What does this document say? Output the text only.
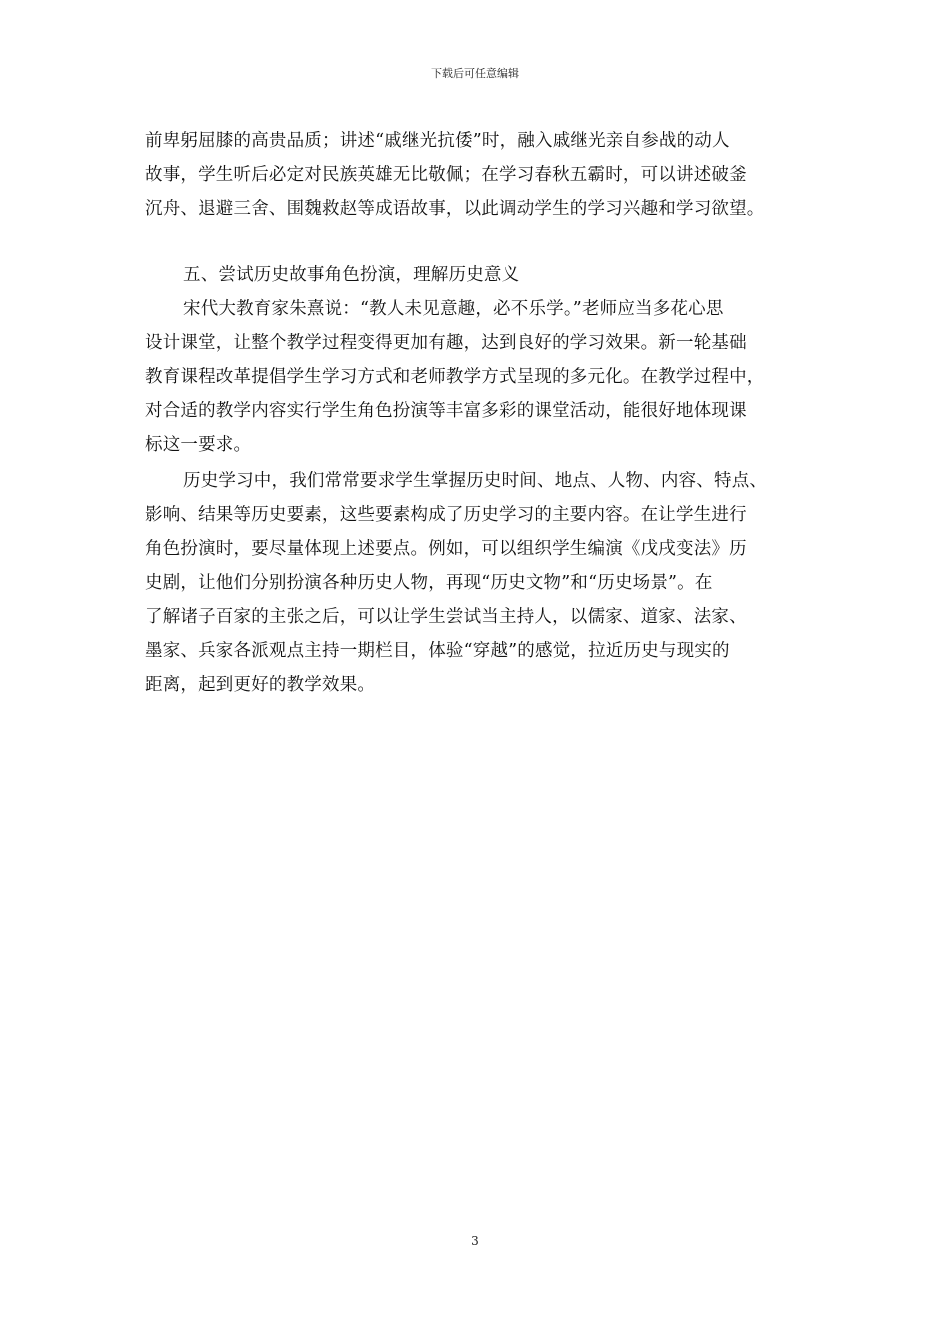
下载后可任意编辑
前卑躬屈膝的高贵品质；讲述“戚继光抗倭”时，融入戚继光亲自参战的动人
故事，学生听后必定对民族英雄无比敬佩；在学习春秋五霸时，可以讲述破釜
沉舟、退避三舍、围魏救赵等成语故事，以此调动学生的学习兴趣和学习欲望。
五、尝试历史故事角色扮演，理解历史意义
宋代大教育家朱熹说：“教人未见意趣，必不乐学。”老师应当多花心思
设计课堂，让整个教学过程变得更加有趣，达到良好的学习效果。新一轮基础
教育课程改革提倡学生学习方式和老师教学方式呈现的多元化。在教学过程中，
对合适的教学内容实行学生角色扮演等丰富多彩的课堂活动，能很好地体现课
标这一要求。
历史学习中，我们常常要求学生掌握历史时间、地点、人物、内容、特点、
影响、结果等历史要素，这些要素构成了历史学习的主要内容。在让学生进行
角色扮演时，要尽量体现上述要点。例如，可以组织学生编演《戊戌变法》历
史剧，让他们分别扮演各种历史人物，再现“历史文物”和“历史场景”。在
了解诸子百家的主张之后，可以让学生尝试当主持人，以儒家、道家、法家、
墨家、兵家各派观点主持一期栏目，体验“穿越”的感觉，拉近历史与现实的
距离，起到更好的教学效果。
3
